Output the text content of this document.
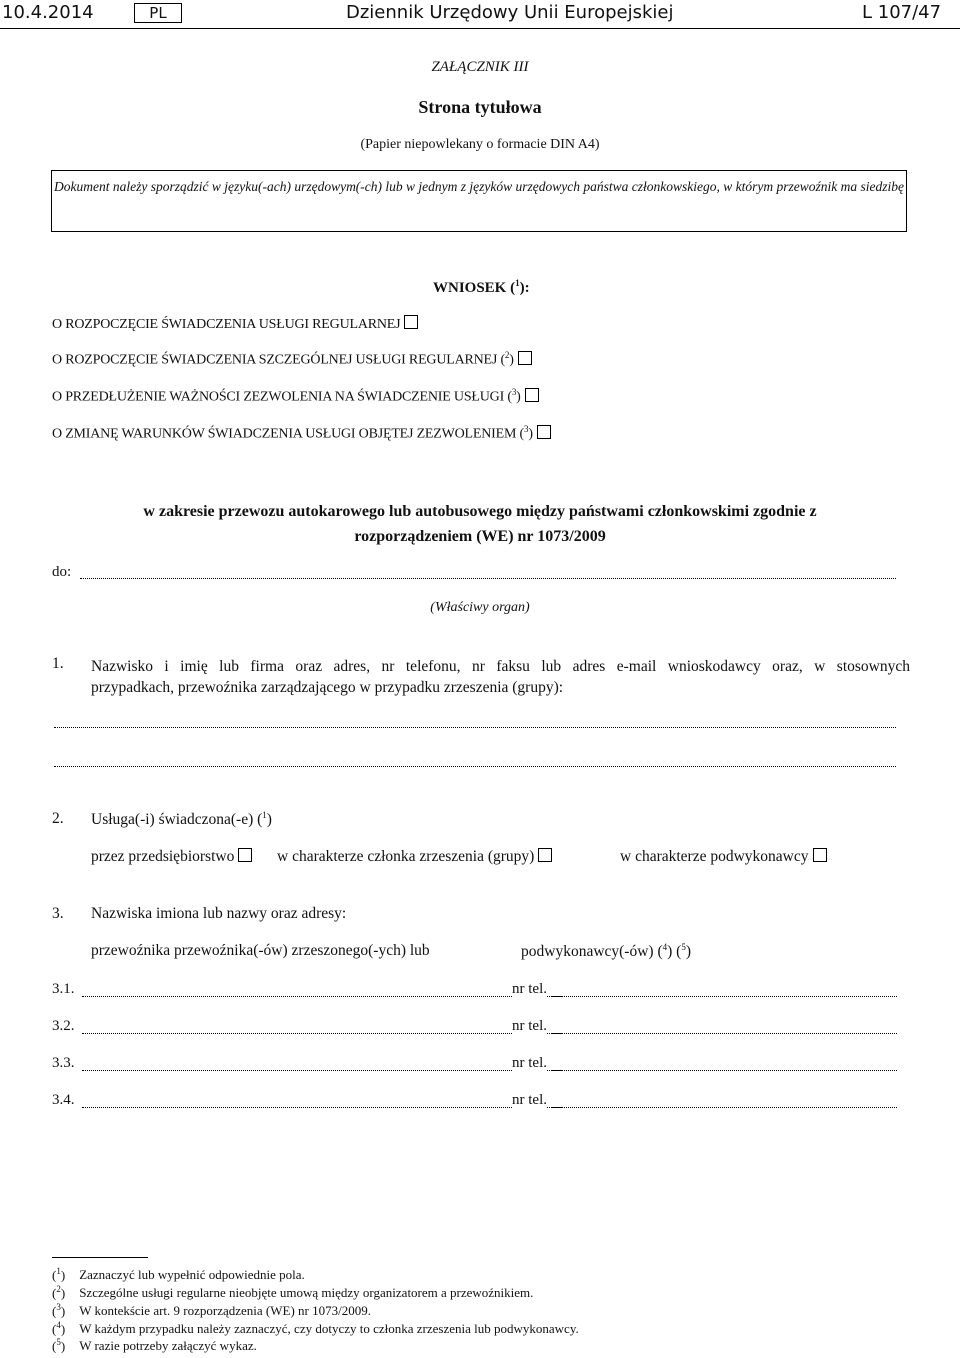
10.4.2014	PL	Dziennik Urzędowy Unii Europejskiej	L 107/47
ZAŁĄCZNIK III
Strona tytułowa
(Papier niepowlekany o formacie DIN A4)
Dokument należy sporządzić w języku(-ach) urzędowym(-ch) lub w jednym z języków urzędowych państwa członkowskiego, w którym przewoźnik ma siedzibę
WNIOSEK ($^1$):
O ROZPOCZĘCIE ŚWIADCZENIA USŁUGI REGULARNEJ
O ROZPOCZĘCIE ŚWIADCZENIA SZCZEGÓLNEJ USŁUGI REGULARNEJ ($^2$)
O PRZEDŁUŻENIE WAŻNOŚCI ZEZWOLENIA NA ŚWIADCZENIE USŁUGI ($^3$)
O ZMIANĘ WARUNKÓW ŚWIADCZENIA USŁUGI OBJĘTEJ ZEZWOLENIEM ($^3$)
w zakresie przewozu autokarowego lub autobusowego między państwami członkowskimi zgodnie z
rozporządzeniem (WE) nr 1073/2009
do:
(Właściwy organ)
1. Nazwisko i imię lub firma oraz adres, nr telefonu, nr faksu lub adres e-mail wnioskodawcy oraz, w stosownych
przypadkach, przewoźnika zarządzającego w przypadku zrzeszenia (grupy):
2. Usługa(-i) świadczona(-e) ($^1$)
przez przedsiębiorstwo	w charakterze członka zrzeszenia (grupy)	w charakterze podwykonawcy
3. Nazwiska imiona lub nazwy oraz adresy:
przewoźnika przewoźnika(-ów) zrzeszonego(-ych) lub	podwykonawcy(-ów) ($^4$) ($^5$)
3.1.	nr tel.
3.2.	nr tel.
3.3.	nr tel.
3.4.	nr tel.
($^1$) Zaznaczyć lub wypełnić odpowiednie pola.
($^2$) Szczególne usługi regularne nieobjęte umową między organizatorem a przewoźnikiem.
($^3$) W kontekście art. 9 rozporządzenia (WE) nr 1073/2009.
($^4$) W każdym przypadku należy zaznaczyć, czy dotyczy to członka zrzeszenia lub podwykonawcy.
($^5$) W razie potrzeby załączyć wykaz.
